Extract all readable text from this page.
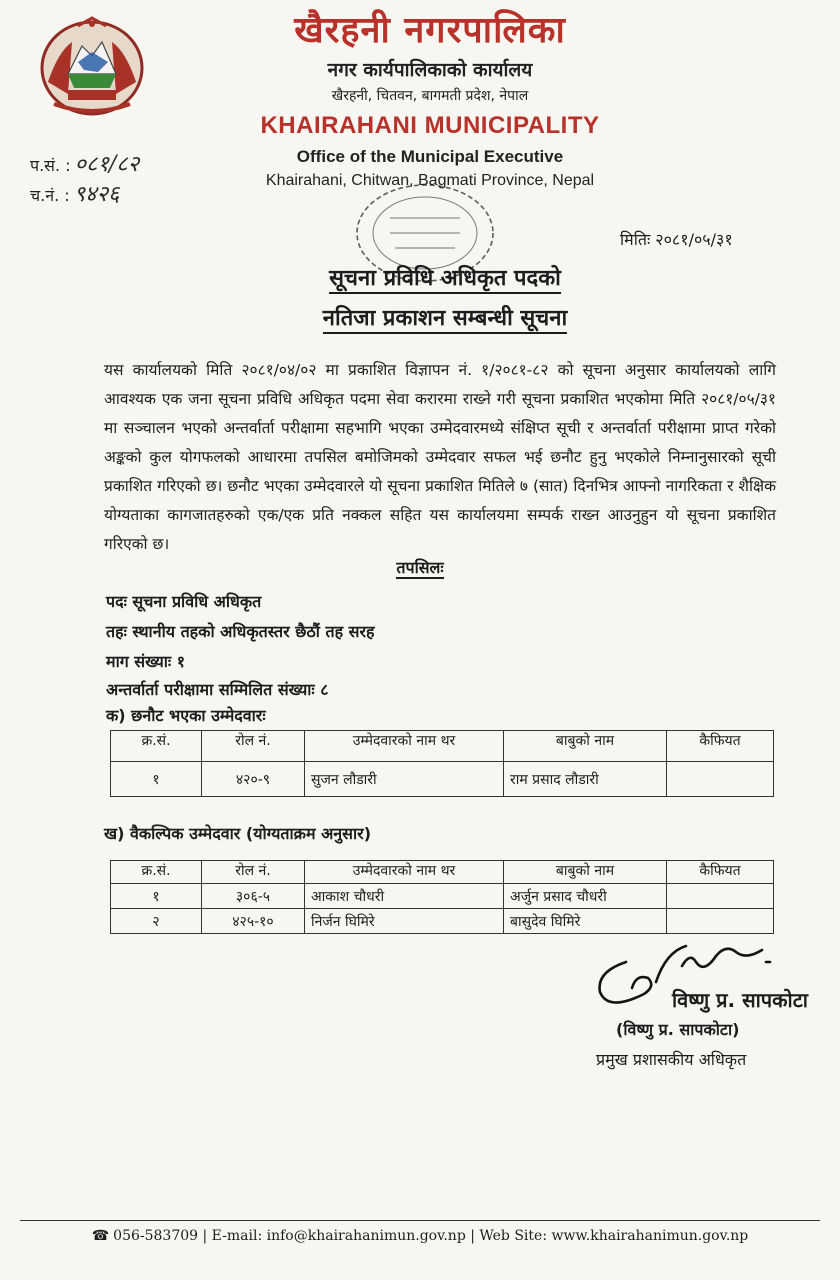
खैरहनी नगरपालिका
नगर कार्यपालिकाको कार्यालय
खैरहनी, चितवन, बागमती प्रदेश, नेपाल
KHAIRAHANI MUNICIPALITY
Office of the Municipal Executive
Khairahani, Chitwan, Bagmati Province, Nepal
प.सं. : ०८१/८२
च.नं. : ९४२६
मितिः २०८१/०५/३१
सूचना प्रविधि अधिकृत पदको
नतिजा प्रकाशन सम्बन्धी सूचना
यस कार्यालयको मिति २०८१/०४/०२ मा प्रकाशित विज्ञापन नं. १/२०८१-८२ को सूचना अनुसार कार्यालयको लागि आवश्यक एक जना सूचना प्रविधि अधिकृत पदमा सेवा करारमा राख्ने गरी सूचना प्रकाशित भएकोमा मिति २०८१/०५/३१ मा सञ्चालन भएको अन्तर्वार्ता परीक्षामा सहभागि भएका उम्मेदवारमध्ये संक्षिप्त सूची र अन्तर्वार्ता परीक्षामा प्राप्त गरेको अङ्कको कुल योगफलको आधारमा तपसिल बमोजिमको उम्मेदवार सफल भई छनौट हुनु भएकोले निम्नानुसारको सूची प्रकाशित गरिएको छ। छनौट भएका उम्मेदवारले यो सूचना प्रकाशित मितिले ७ (सात) दिनभित्र आफ्नो नागरिकता र शैक्षिक योग्यताका कागजातहरुको एक/एक प्रति नक्कल सहित यस कार्यालयमा सम्पर्क राख्न आउनुहुन यो सूचना प्रकाशित गरिएको छ।
तपसिलः
पदः सूचना प्रविधि अधिकृत
तहः स्थानीय तहको अधिकृतस्तर छैठौं तह सरह
माग संख्याः १
अन्तर्वार्ता परीक्षामा सम्मिलित संख्याः ८
क) छनौट भएका उम्मेदवारः
क्र.सं.	रोल नं.	उम्मेदवारको नाम थर	बाबुको नाम	कैफियत
१	४२०-९	सुजन लौडारी	राम प्रसाद लौडारी	
ख) वैकल्पिक उम्मेदवार (योग्यताक्रम अनुसार)
क्र.सं.	रोल नं.	उम्मेदवारको नाम थर	बाबुको नाम	कैफियत
१	३०६-५	आकाश चौधरी	अर्जुन प्रसाद चौधरी	
२	४२५-१०	निर्जन घिमिरे	बासुदेव घिमिरे	
विष्णु प्र. सापकोटा
(विष्णु प्र. सापकोटा)
प्रमुख प्रशासकीय अधिकृत
☎ 056-583709 | E-mail: info@khairahanimun.gov.np | Web Site: www.khairahanimun.gov.np
